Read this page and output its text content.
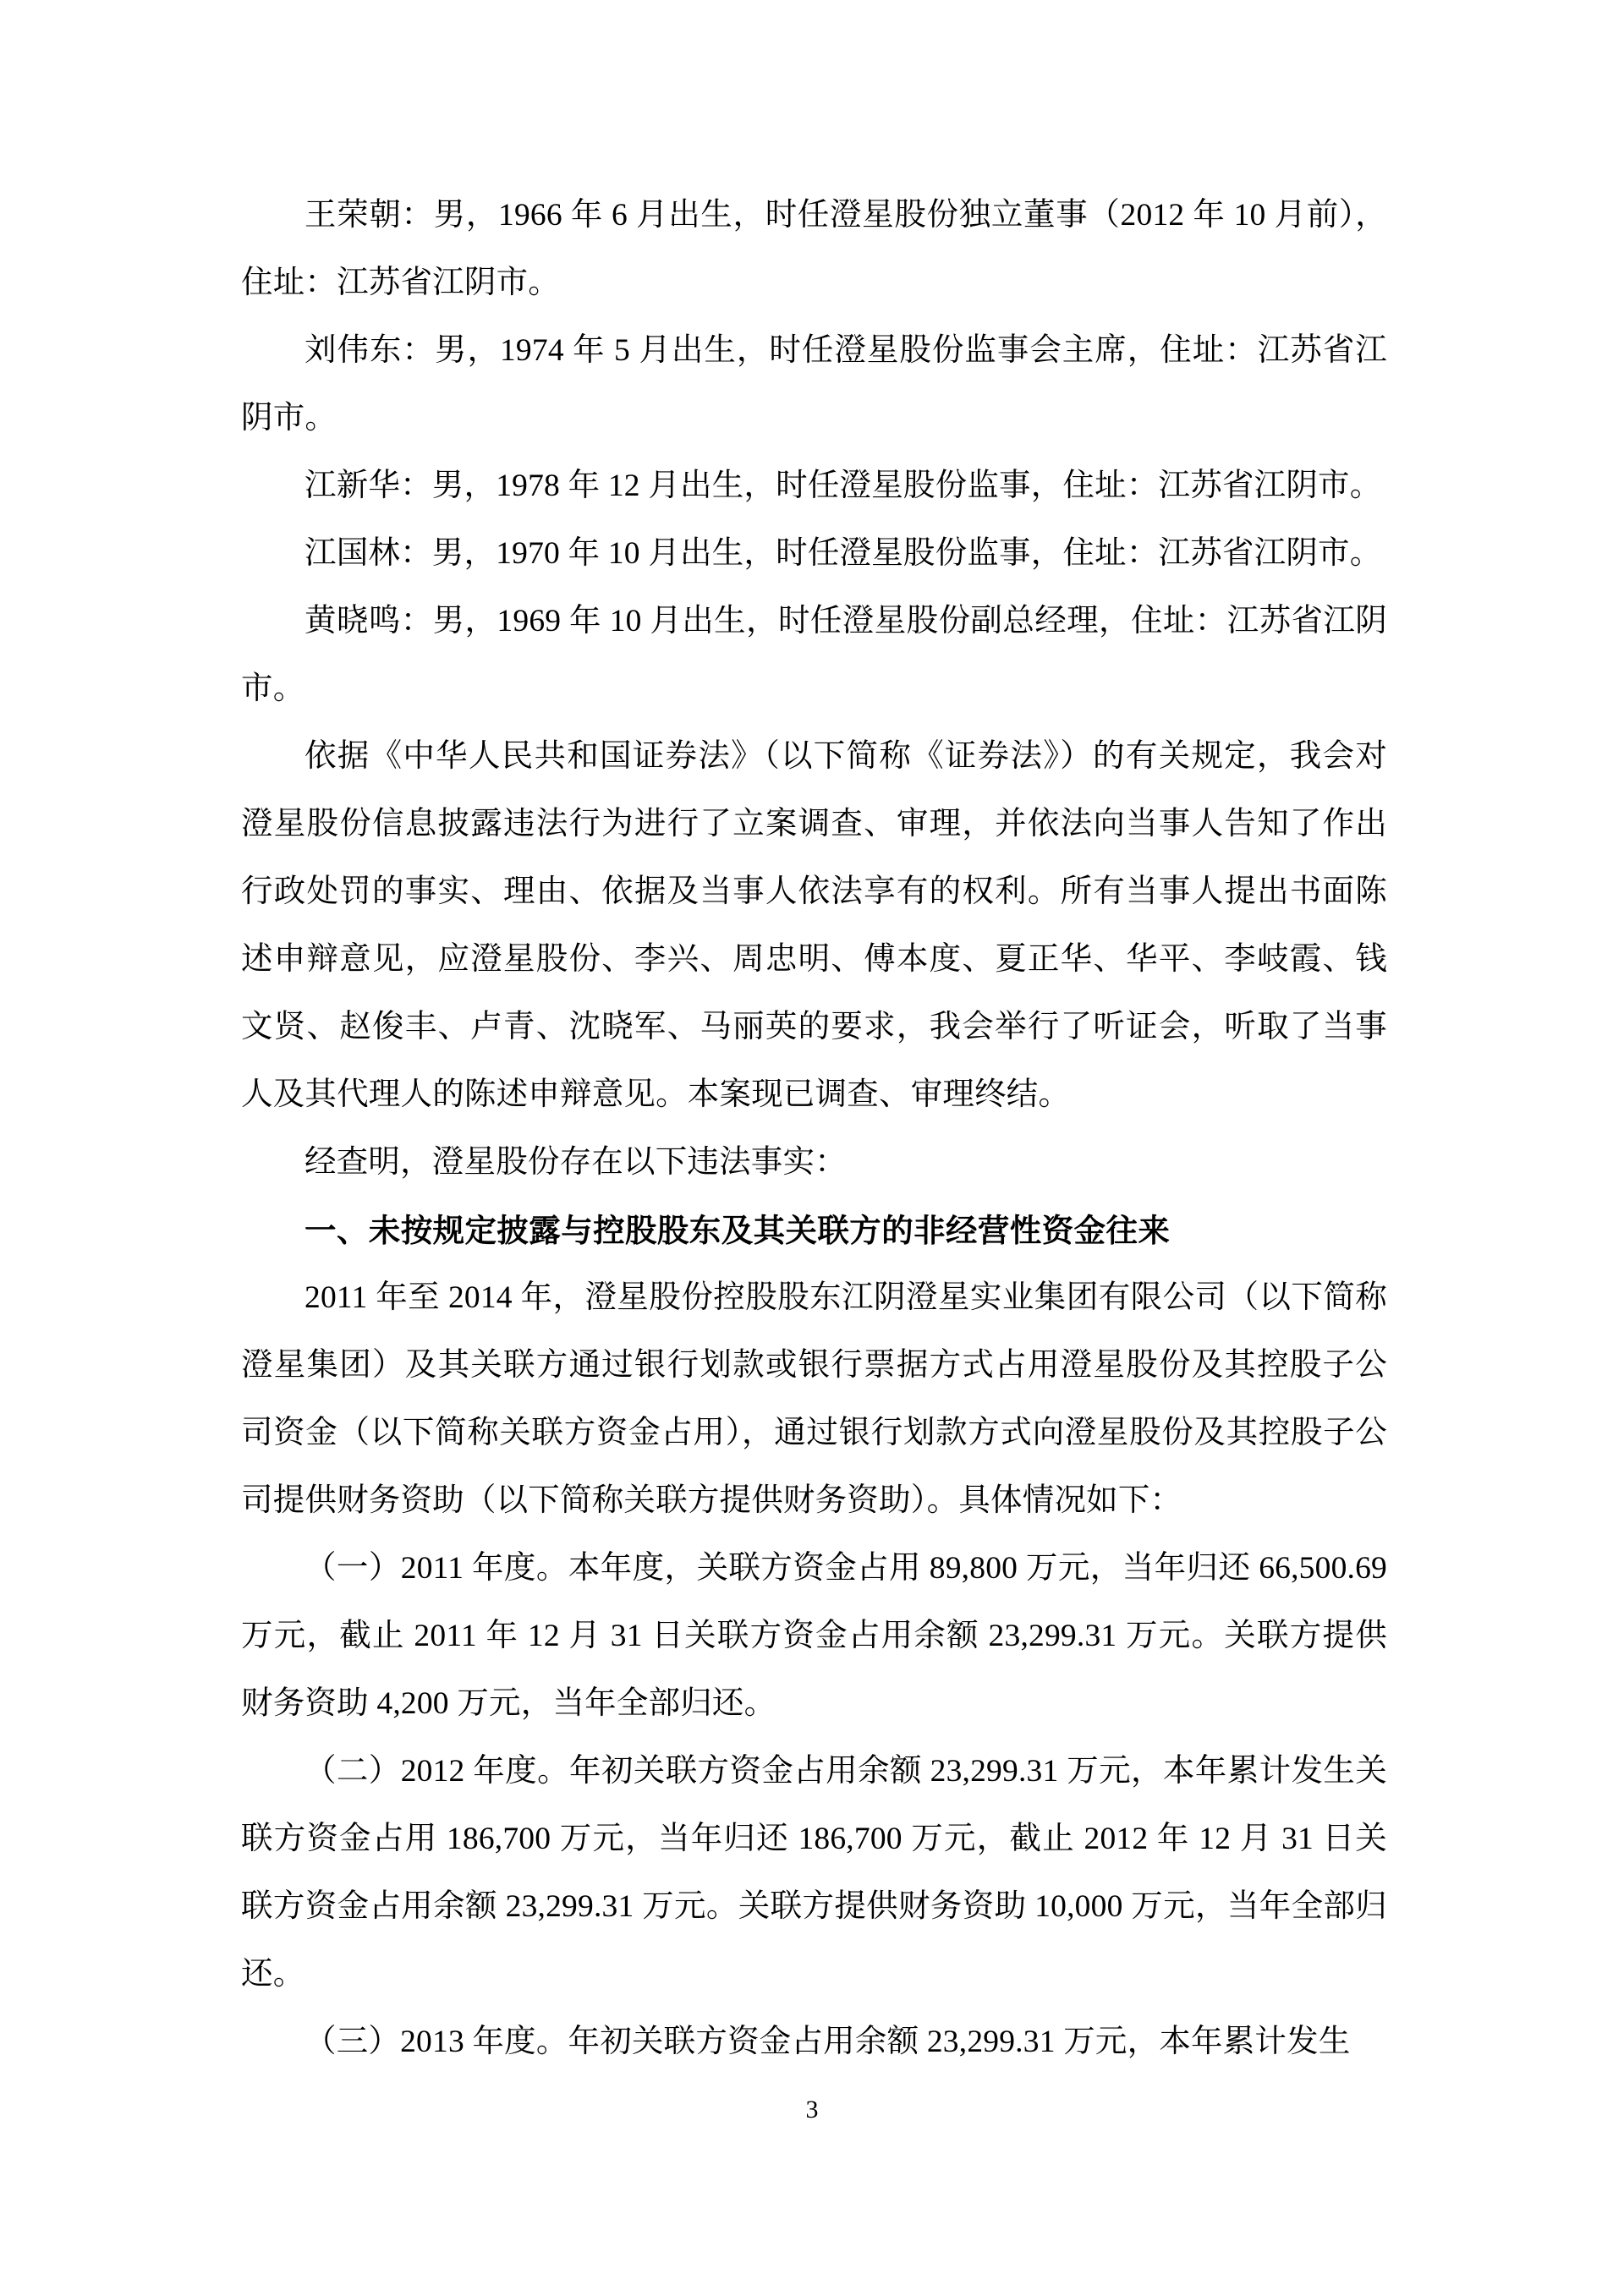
王荣朝：男，1966 年 6 月出生，时任澄星股份独立董事（2012 年 10 月前），住址：江苏省江阴市。

刘伟东：男，1974 年 5 月出生，时任澄星股份监事会主席，住址：江苏省江阴市。

江新华：男，1978 年 12 月出生，时任澄星股份监事，住址：江苏省江阴市。

江国林：男，1970 年 10 月出生，时任澄星股份监事，住址：江苏省江阴市。

黄晓鸣：男，1969 年 10 月出生，时任澄星股份副总经理，住址：江苏省江阴市。

依据《中华人民共和国证券法》（以下简称《证券法》）的有关规定，我会对澄星股份信息披露违法行为进行了立案调查、审理，并依法向当事人告知了作出行政处罚的事实、理由、依据及当事人依法享有的权利。所有当事人提出书面陈述申辩意见，应澄星股份、李兴、周忠明、傅本度、夏正华、华平、李岐霞、钱文贤、赵俊丰、卢青、沈晓军、马丽英的要求，我会举行了听证会，听取了当事人及其代理人的陈述申辩意见。本案现已调查、审理终结。

经查明，澄星股份存在以下违法事实：

一、未按规定披露与控股股东及其关联方的非经营性资金往来

2011 年至 2014 年，澄星股份控股股东江阴澄星实业集团有限公司（以下简称澄星集团）及其关联方通过银行划款或银行票据方式占用澄星股份及其控股子公司资金（以下简称关联方资金占用），通过银行划款方式向澄星股份及其控股子公司提供财务资助（以下简称关联方提供财务资助）。具体情况如下：

（一）2011 年度。本年度，关联方资金占用 89,800 万元，当年归还 66,500.69 万元，截止 2011 年 12 月 31 日关联方资金占用余额 23,299.31 万元。关联方提供财务资助 4,200 万元，当年全部归还。

（二）2012 年度。年初关联方资金占用余额 23,299.31 万元，本年累计发生关联方资金占用 186,700 万元，当年归还 186,700 万元，截止 2012 年 12 月 31 日关联方资金占用余额 23,299.31 万元。关联方提供财务资助 10,000 万元，当年全部归还。

（三）2013 年度。年初关联方资金占用余额 23,299.31 万元，本年累计发生

3
